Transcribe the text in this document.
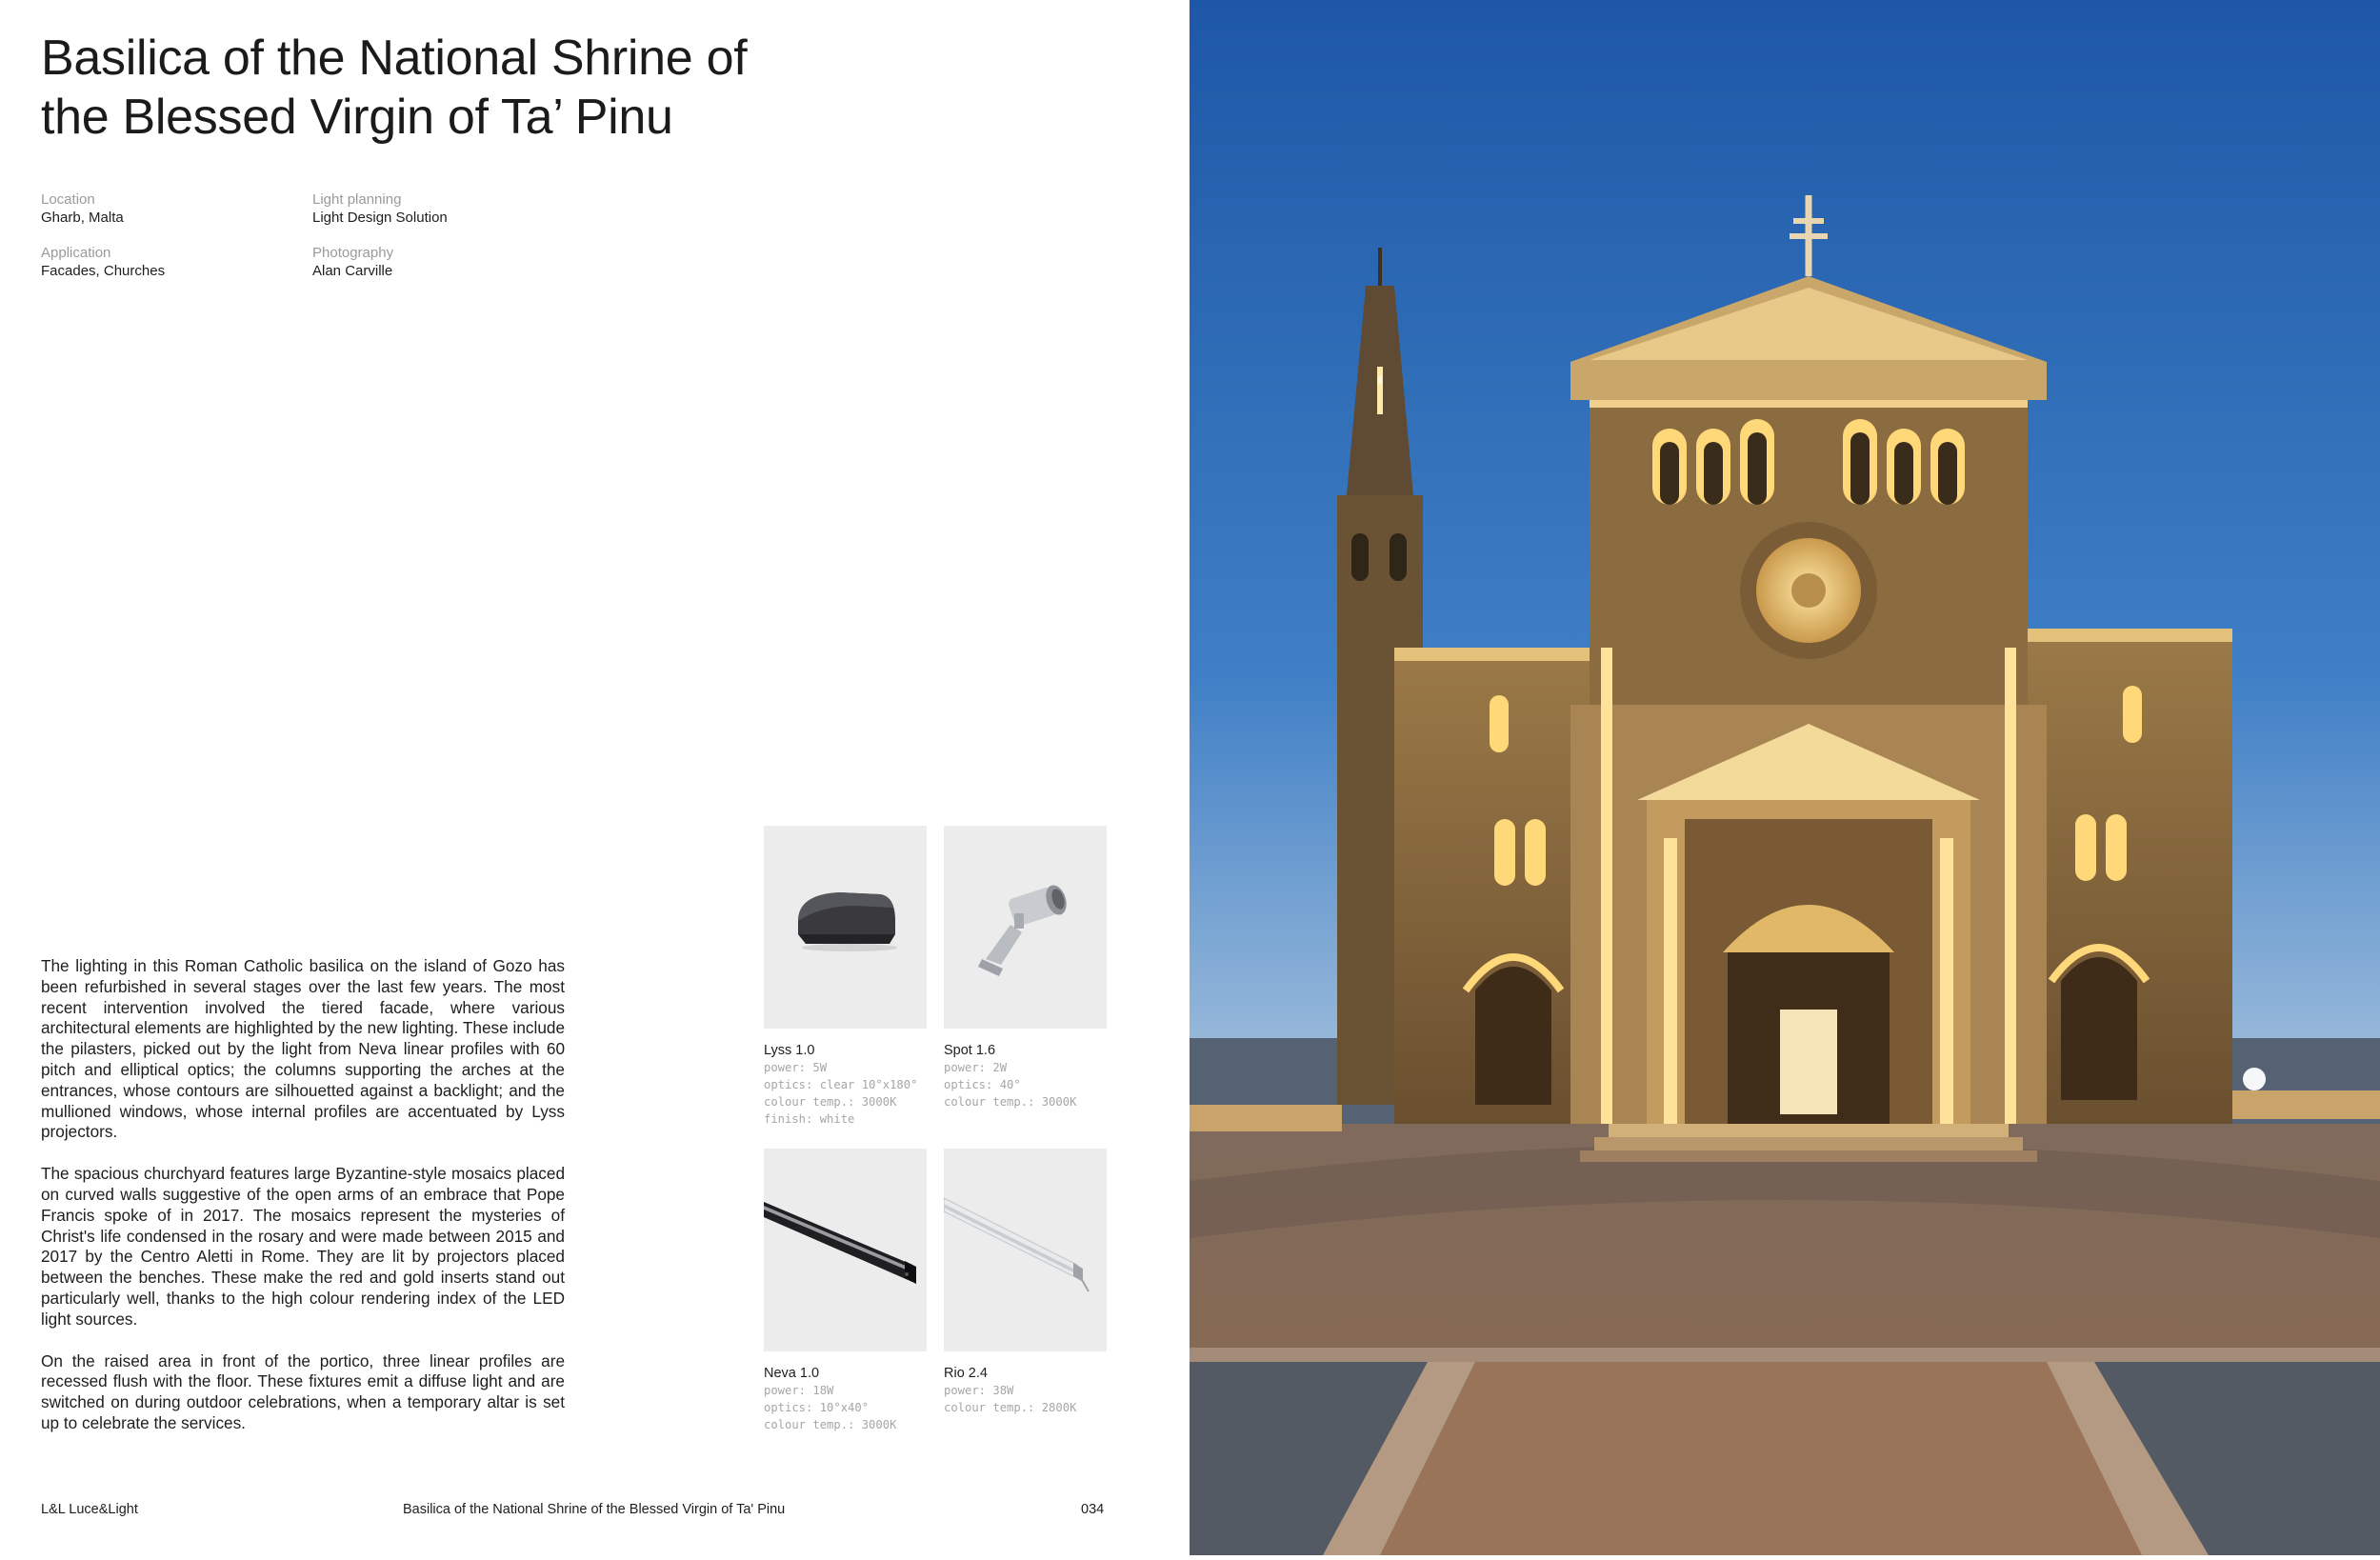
Basilica of the National Shrine of
the Blessed Virgin of Ta’ Pinu
Location
Gharb, Malta
Light planning
Light Design Solution
Application
Facades, Churches
Photography
Alan Carville

The lighting in this Roman Catholic basilica on the island of Gozo has been refurbished in several stages over the last few years. The most recent intervention involved the tiered facade, where various architectural elements are highlighted by the new lighting. These include the pilasters, picked out by the light from Neva linear profiles with 60 pitch and elliptical optics; the columns supporting the arches at the entrances, whose contours are silhouetted against a backlight; and the mullioned windows, whose internal profiles are accentuated by Lyss projectors.

The spacious churchyard features large Byzantine-style mosaics placed on curved walls suggestive of the open arms of an embrace that Pope Francis spoke of in 2017. The mosaics represent the mysteries of Christ's life condensed in the rosary and were made between 2015 and 2017 by the Centro Aletti in Rome. They are lit by projectors placed between the benches. These make the red and gold inserts stand out particularly well, thanks to the high colour rendering index of the LED light sources.

On the raised area in front of the portico, three linear profiles are recessed flush with the floor. These fixtures emit a diffuse light and are switched on during outdoor celebrations, when a temporary altar is set up to celebrate the services.

Lyss 1.0
power: 5W
optics: clear 10°x180°
colour temp.: 3000K
finish: white
Spot 1.6
power: 2W
optics: 40°
colour temp.: 3000K
Neva 1.0
power: 18W
optics: 10°x40°
colour temp.: 3000K
Rio 2.4
power: 38W
colour temp.: 2800K
L&L Luce&Light	Basilica of the National Shrine of the Blessed Virgin of Ta' Pinu	034
